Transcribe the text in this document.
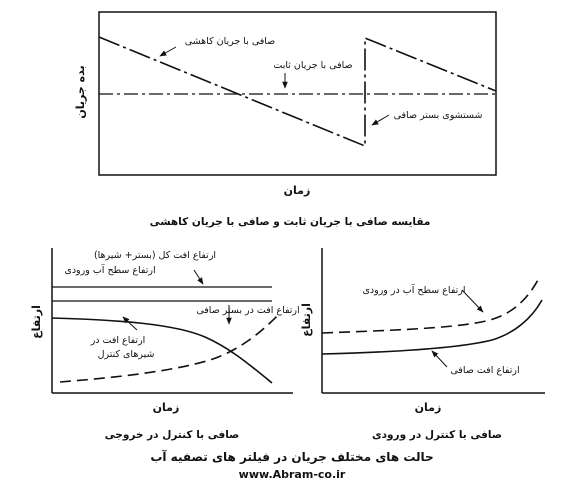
صافی با جریان کاهشی
صافی با جریان ثابت
شستشوی بستر صافی
بده جریان
زمان
مقایسه صافی با جریان ثابت و صافی با جریان کاهشی
ارتفاع افت کل (بستر+ شیرها)
ارتفاع سطح آب ورودی
ارتفاع افت در بستر صافی
ارتفاع افت در
شیرهای کنترل
ارتفاع
زمان
صافی با کنترل در خروجی
ارتفاع سطح آب در ورودی
ارتفاع افت صافی
ارتفاع
زمان
صافی با کنترل در ورودی
حالت های مختلف جریان در فیلتر های تصفیه آب
www.Abram-co.ir
